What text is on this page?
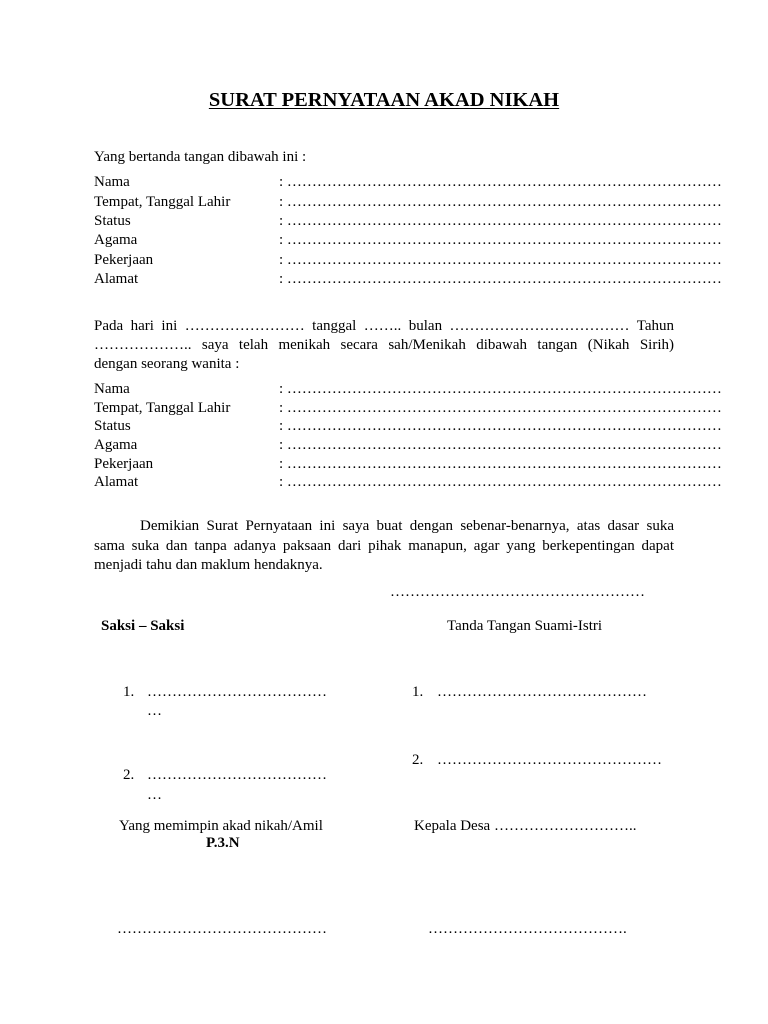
SURAT PERNYATAAN AKAD NIKAH
Yang bertanda tangan dibawah ini :
Nama	: ……………………………………………………………………………
Tempat, Tanggal Lahir	: ……………………………………………………………………………
Status	: ……………………………………………………………………………
Agama	: ……………………………………………………………………………
Pekerjaan	: ……………………………………………………………………………
Alamat	: ……………………………………………………………………………
Pada hari ini …………………… tanggal …….. bulan ……………………………… Tahun
……………….. saya telah menikah secara sah/Menikah dibawah tangan (Nikah Sirih)
dengan seorang wanita :
Nama	: ……………………………………………………………………………
Tempat, Tanggal Lahir	: ……………………………………………………………………………
Status	: ……………………………………………………………………………
Agama	: ……………………………………………………………………………
Pekerjaan	: ……………………………………………………………………………
Alamat	: ……………………………………………………………………………
Demikian Surat Pernyataan ini saya buat dengan sebenar-benarnya, atas dasar suka
sama suka dan tanpa adanya paksaan dari pihak manapun, agar yang berkepentingan dapat
menjadi tahu dan maklum hendaknya.
……………………………………………
Saksi – Saksi	Tanda Tangan Suami-Istri
1. ………………………………
…
1. ……………………………………
2. ………………………………………
2. ………………………………
…
Yang memimpin akad nikah/Amil
P.3.N
Kepala Desa ………………………..
……………………………………	………………………………….
